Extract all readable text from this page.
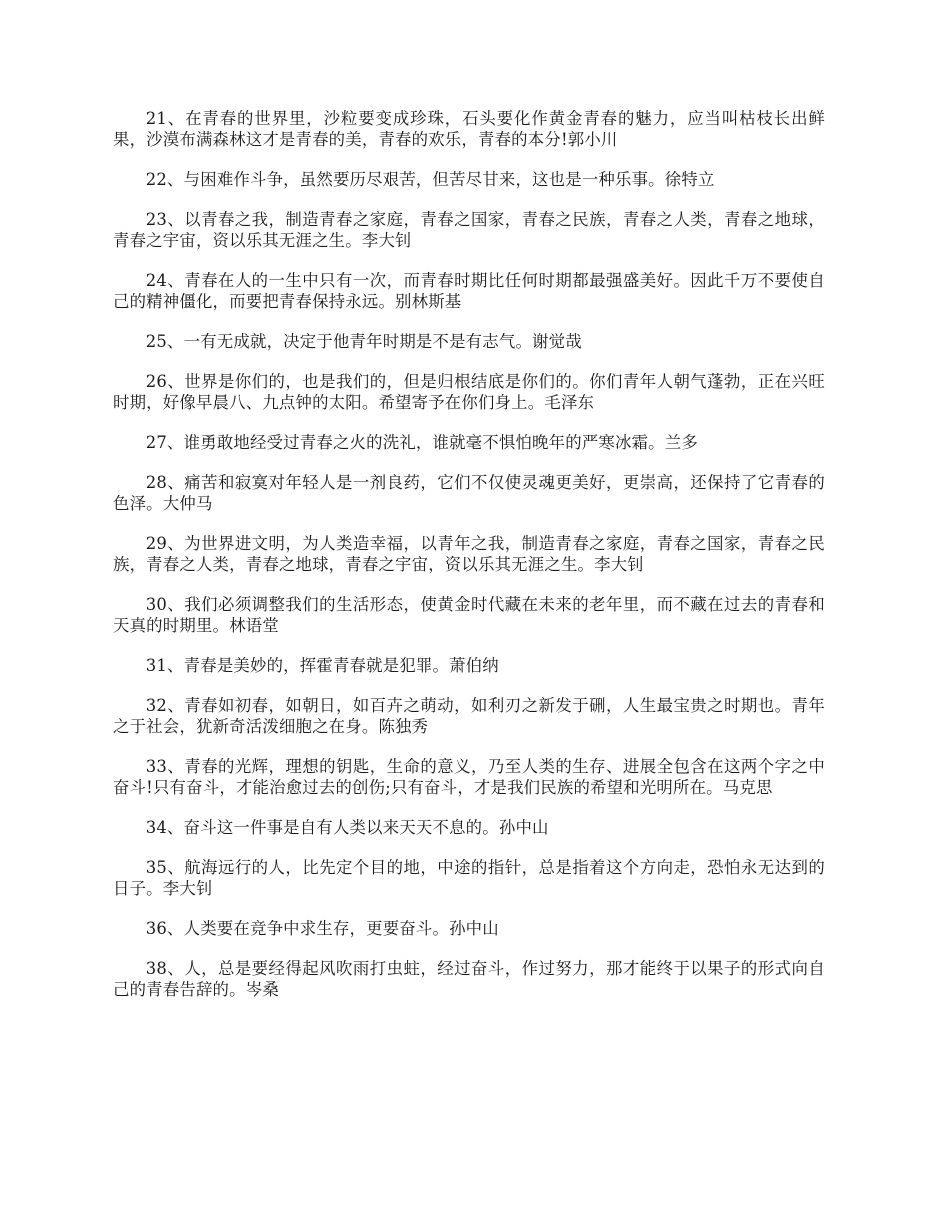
21、在青春的世界里，沙粒要变成珍珠，石头要化作黄金青春的魅力，应当叫枯枝长出鲜果，沙漠布满森林这才是青春的美，青春的欢乐，青春的本分!郭小川

22、与困难作斗争，虽然要历尽艰苦，但苦尽甘来，这也是一种乐事。徐特立

23、以青春之我，制造青春之家庭，青春之国家，青春之民族，青春之人类，青春之地球，青春之宇宙，资以乐其无涯之生。李大钊

24、青春在人的一生中只有一次，而青春时期比任何时期都最强盛美好。因此千万不要使自己的精神僵化，而要把青春保持永远。别林斯基

25、一有无成就，决定于他青年时期是不是有志气。谢觉哉

26、世界是你们的，也是我们的，但是归根结底是你们的。你们青年人朝气蓬勃，正在兴旺时期，好像早晨八、九点钟的太阳。希望寄予在你们身上。毛泽东

27、谁勇敢地经受过青春之火的洗礼，谁就毫不惧怕晚年的严寒冰霜。兰多

28、痛苦和寂寞对年轻人是一剂良药，它们不仅使灵魂更美好，更崇高，还保持了它青春的色泽。大仲马

29、为世界进文明，为人类造幸福，以青年之我，制造青春之家庭，青春之国家，青春之民族，青春之人类，青春之地球，青春之宇宙，资以乐其无涯之生。李大钊

30、我们必须调整我们的生活形态，使黄金时代藏在未来的老年里，而不藏在过去的青春和天真的时期里。林语堂

31、青春是美妙的，挥霍青春就是犯罪。萧伯纳

32、青春如初春，如朝日，如百卉之萌动，如利刃之新发于硎，人生最宝贵之时期也。青年之于社会，犹新奇活泼细胞之在身。陈独秀

33、青春的光辉，理想的钥匙，生命的意义，乃至人类的生存、进展全包含在这两个字之中奋斗!只有奋斗，才能治愈过去的创伤;只有奋斗，才是我们民族的希望和光明所在。马克思

34、奋斗这一件事是自有人类以来天天不息的。孙中山

35、航海远行的人，比先定个目的地，中途的指针，总是指着这个方向走，恐怕永无达到的日子。李大钊

36、人类要在竞争中求生存，更要奋斗。孙中山

38、人，总是要经得起风吹雨打虫蛀，经过奋斗，作过努力，那才能终于以果子的形式向自己的青春告辞的。岑桑
